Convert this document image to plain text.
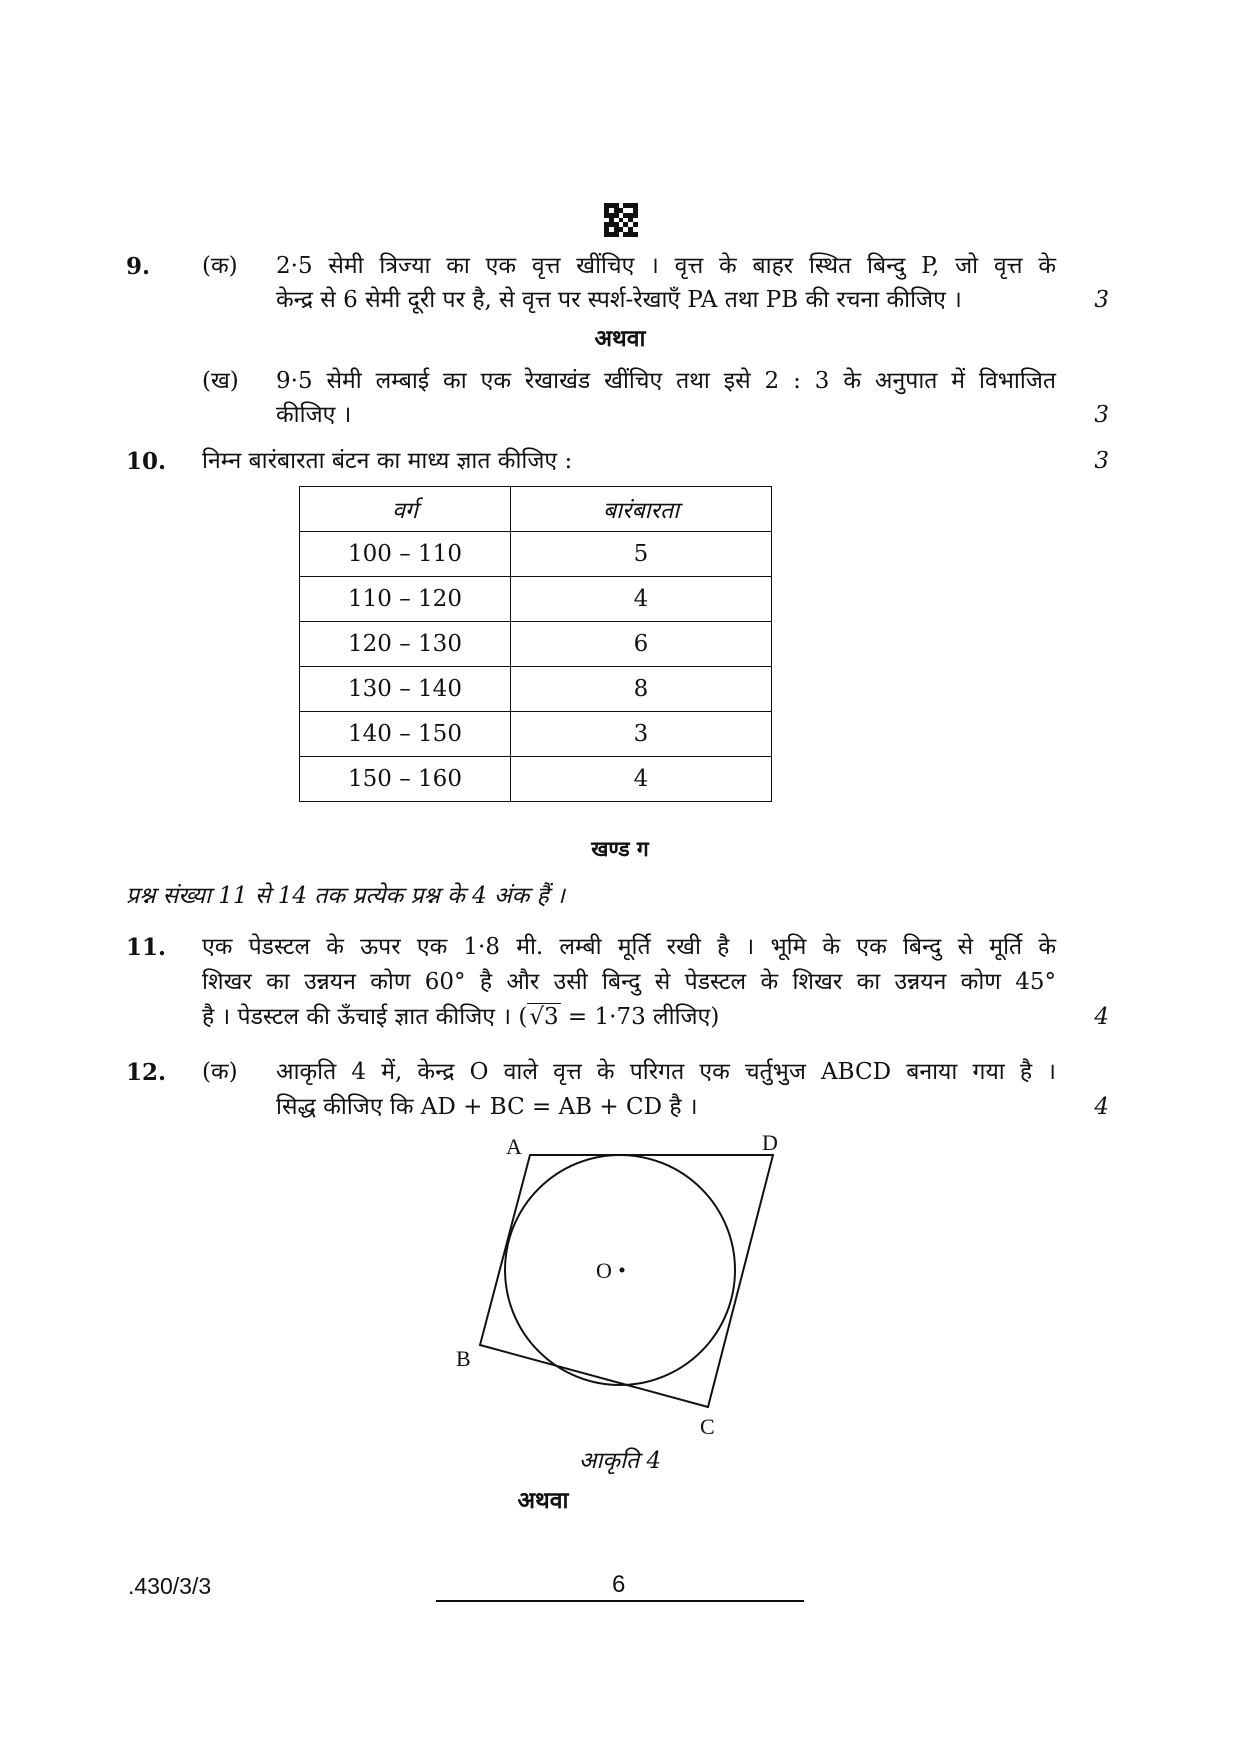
9. (क) 2·5 सेमी त्रिज्या का एक वृत्त खींचिए । वृत्त के बाहर स्थित बिन्दु P, जो वृत्त के
केन्द्र से 6 सेमी दूरी पर है, से वृत्त पर स्पर्श-रेखाएँ PA तथा PB की रचना कीजिए ।	3
अथवा
(ख) 9·5 सेमी लम्बाई का एक रेखाखंड खींचिए तथा इसे 2 : 3 के अनुपात में विभाजित
कीजिए ।	3
10. निम्न बारंबारता बंटन का माध्य ज्ञात कीजिए :	3
वर्ग	बारंबारता
100 – 110	5
110 – 120	4
120 – 130	6
130 – 140	8
140 – 150	3
150 – 160	4
खण्ड ग
प्रश्न संख्या 11 से 14 तक प्रत्येक प्रश्न के 4 अंक हैं ।
11. एक पेडस्टल के ऊपर एक 1·8 मी. लम्बी मूर्ति रखी है । भूमि के एक बिन्दु से मूर्ति के
शिखर का उन्नयन कोण 60° है और उसी बिन्दु से पेडस्टल के शिखर का उन्नयन कोण 45°
है । पेडस्टल की ऊँचाई ज्ञात कीजिए । (√3 = 1·73 लीजिए)	4
12. (क) आकृति 4 में, केन्द्र O वाले वृत्त के परिगत एक चर्तुभुज ABCD बनाया गया है ।
सिद्ध कीजिए कि AD + BC = AB + CD है ।	4
A	D
B
C
O
आकृति 4
अथवा
.430/3/3	6
